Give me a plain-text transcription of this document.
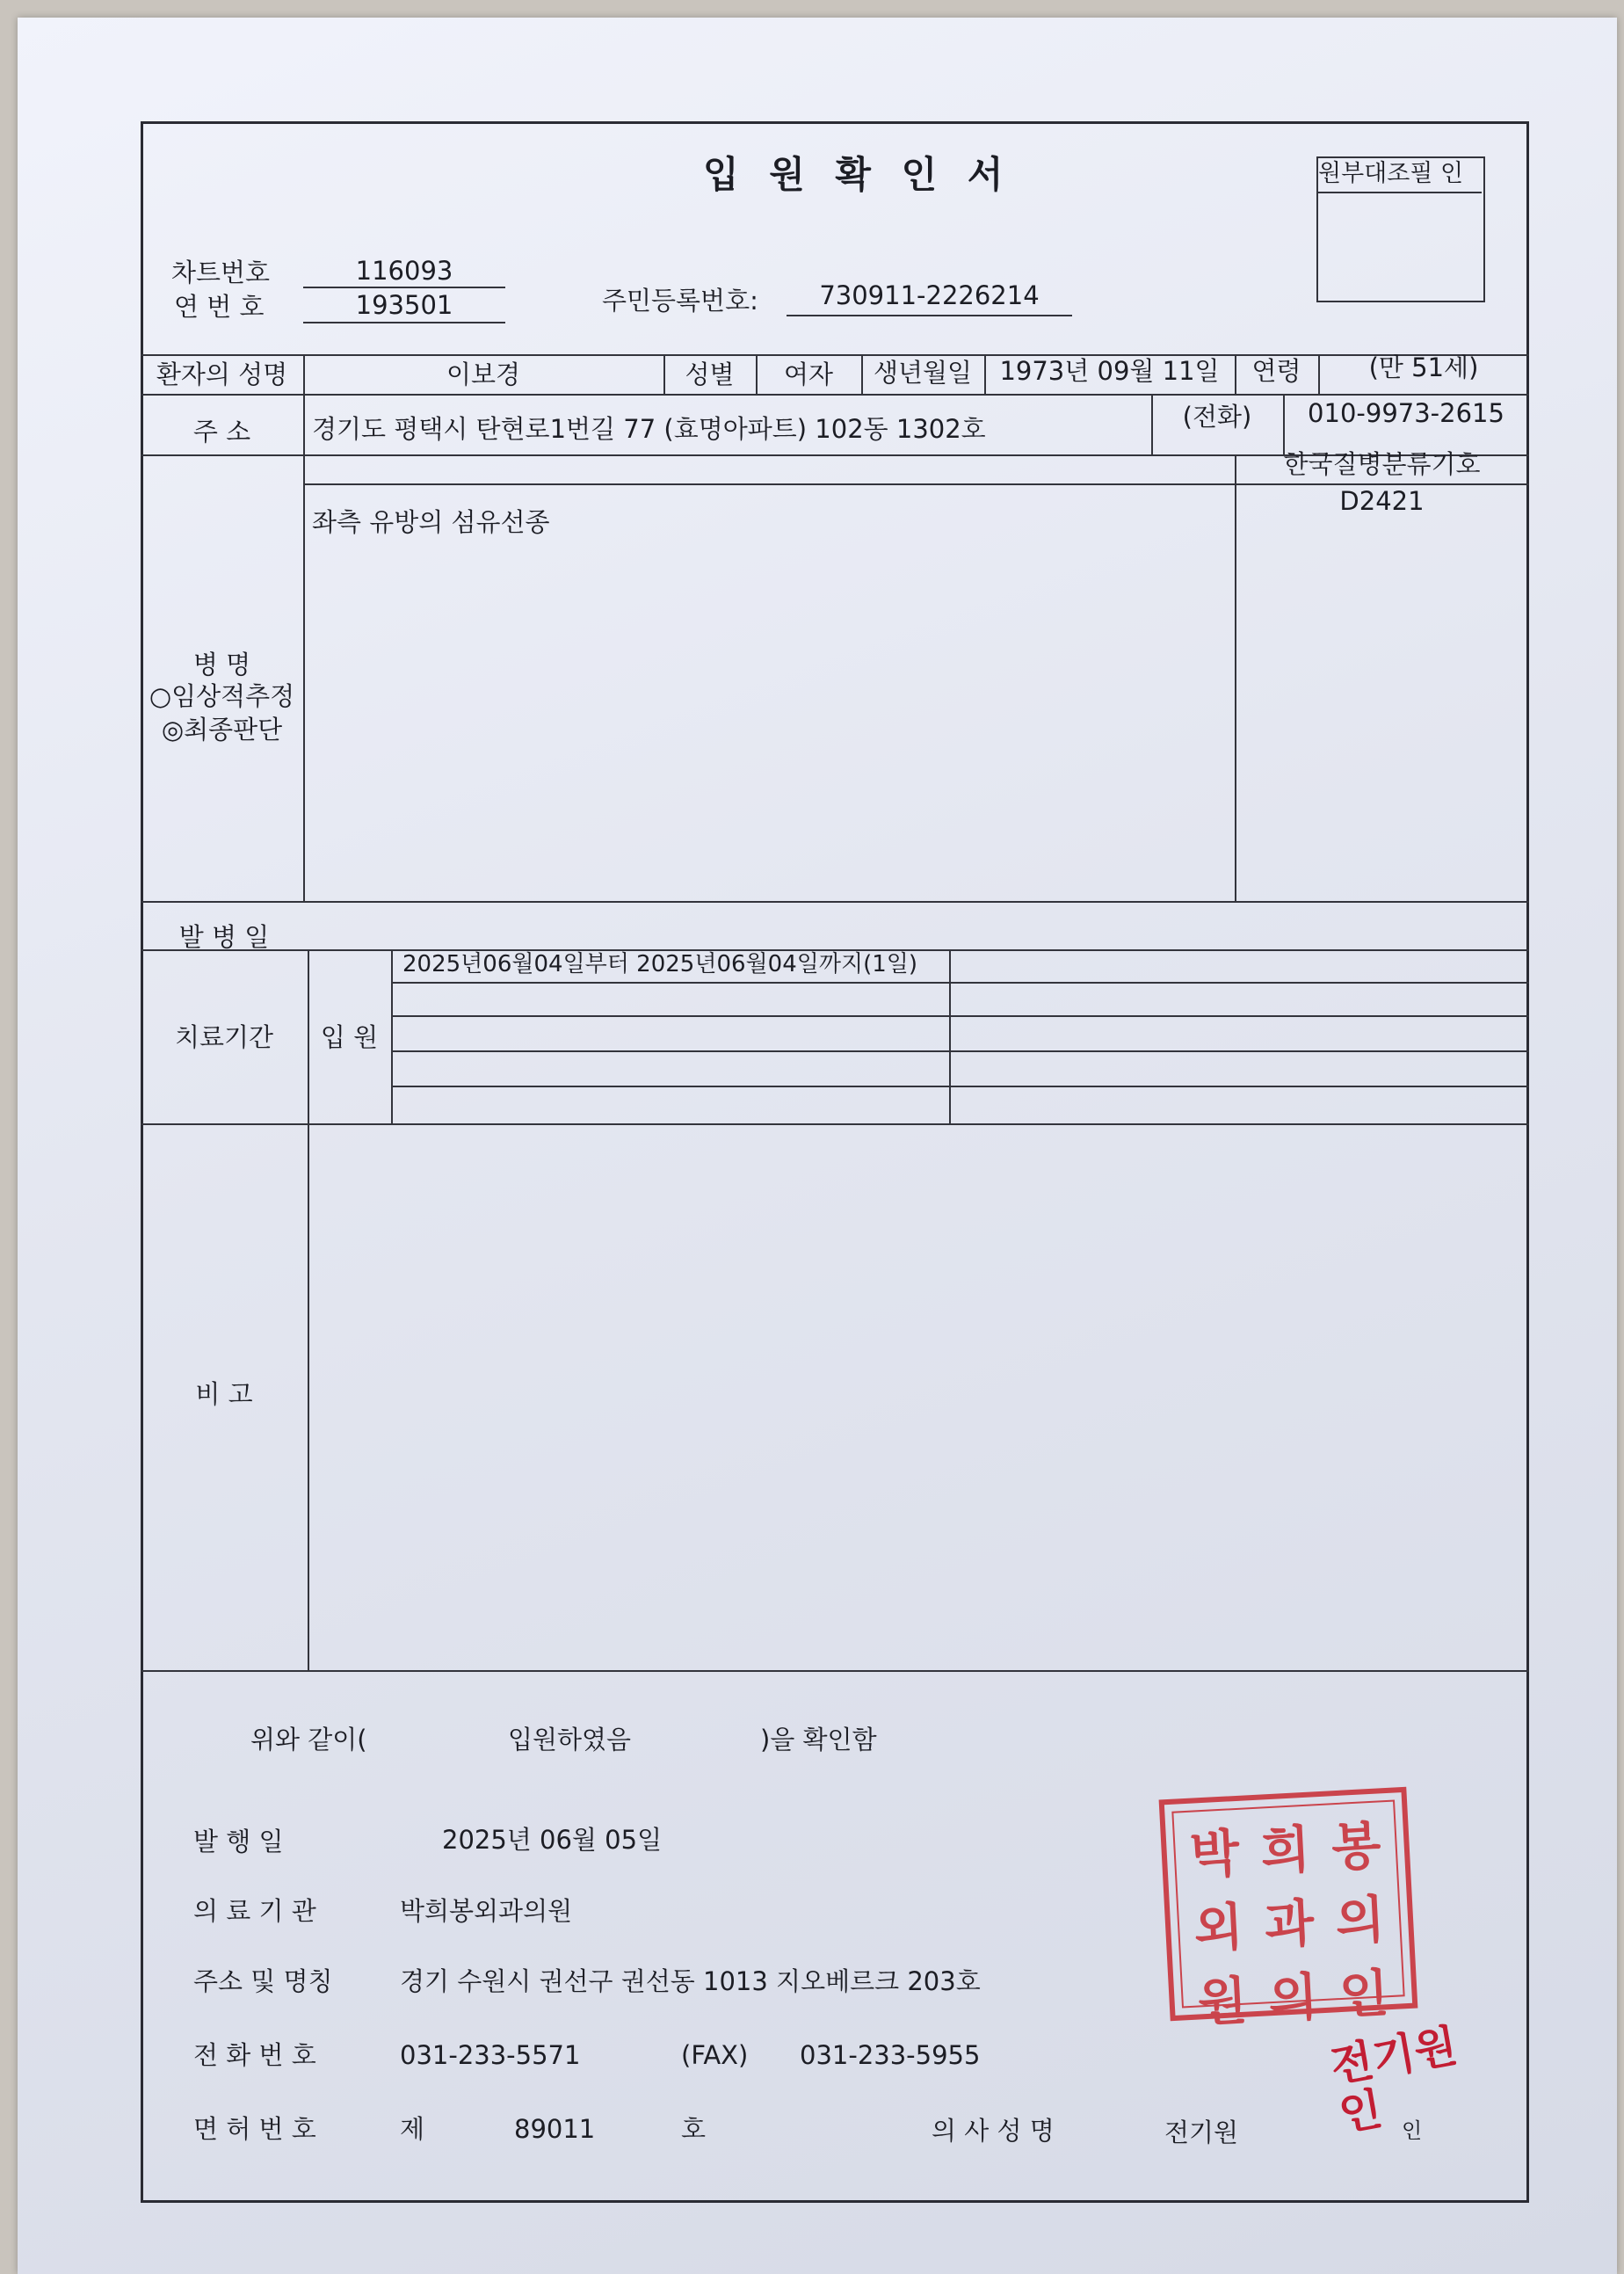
입 원 확 인 서	원부대조필 인
차트번호	116093
연 번 호	193501	주민등록번호:	730911-2226214
환자의 성명	이보경	성별	여자	생년월일	1973년 09월 11일	연령	(만 51세)
주 소	경기도 평택시 탄현로1번길 77 (효명아파트) 102동 1302호	(전화)	010-9973-2615
한국질병분류기호
D2421
좌측 유방의 섬유선종
병 명
○임상적추정
◎최종판단
발 병 일
치료기간	입 원
2025년06월04일부터 2025년06월04일까지(1일)
비 고
위와 같이(	입원하였음	)을 확인함
발 행 일	2025년 06월 05일
의 료 기 관	박희봉외과의원
주소 및 명칭	경기 수원시 권선구 권선동 1013 지오베르크 203호
전 화 번 호	031-233-5571	(FAX) 031-233-5955
면 허 번 호	제	89011	호	의 사 성 명	전기원	인
박 희 봉
외 과 의
원 의 인
전기원인
